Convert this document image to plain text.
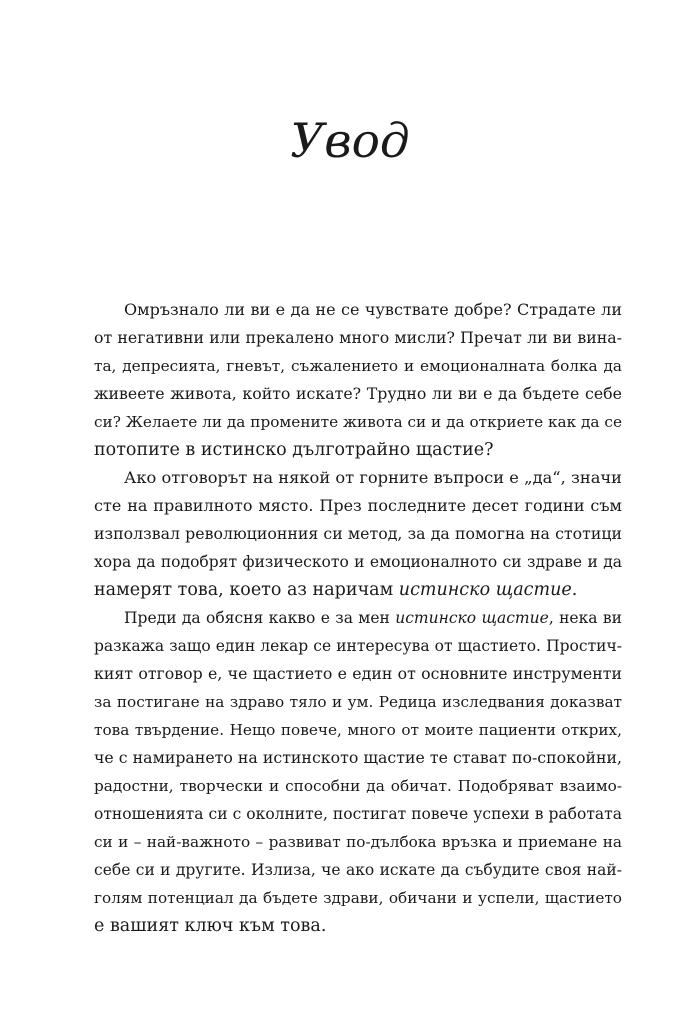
Увод
Омръзнало ли ви е да не се чувствате добре? Страдате ли
от негативни или прекалено много мисли? Пречат ли ви вина-
та, депресията, гневът, съжалението и емоционалната болка да
живеете живота, който искате? Трудно ли ви е да бъдете себе
си? Желаете ли да промените живота си и да откриете как да се
потопите в истинско дълготрайно щастие?
Ако отговорът на някой от горните въпроси е „да“, значи
сте на правилното място. През последните десет години съм
използвал революционния си метод, за да помогна на стотици
хора да подобрят физическото и емоционалното си здраве и да
намерят това, което аз наричам истинско щастие.
Преди да обясня какво е за мен истинско щастие, нека ви
разкажа защо един лекар се интересува от щастието. Простич-
кият отговор е, че щастието е един от основните инструменти
за постигане на здраво тяло и ум. Редица изследвания доказват
това твърдение. Нещо повече, много от моите пациенти открих,
че с намирането на истинското щастие те стават по-спокойни,
радостни, творчески и способни да обичат. Подобряват взаимо-
отношенията си с околните, постигат повече успехи в работата
си и – най-важното – развиват по-дълбока връзка и приемане на
себе си и другите. Излиза, че ако искате да събудите своя най-
голям потенциал да бъдете здрави, обичани и успели, щастието
е вашият ключ към това.
